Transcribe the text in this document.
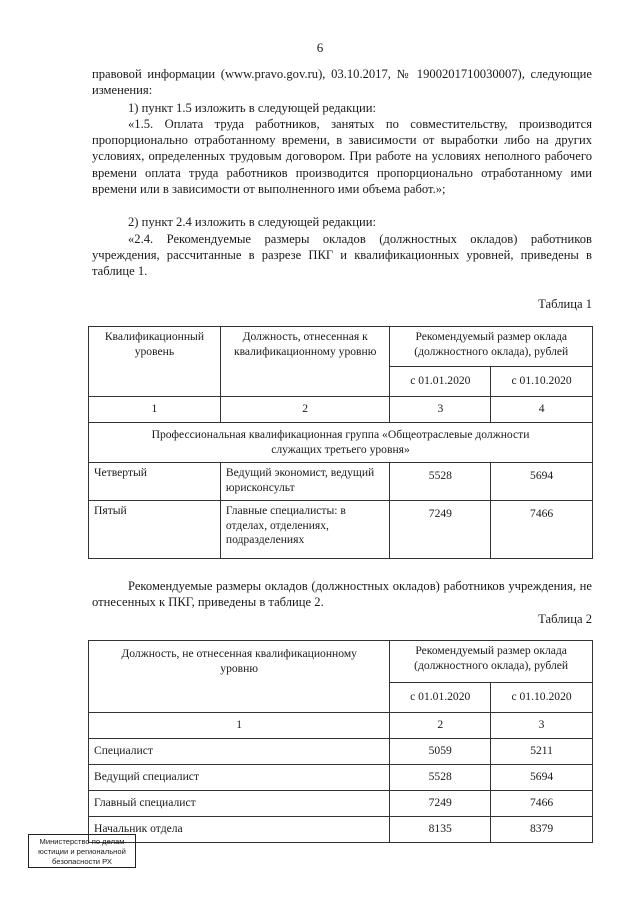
6
правовой информации (www.pravo.gov.ru), 03.10.2017, № 1900201710030007), следующие изменения:
1) пункт 1.5 изложить в следующей редакции:
«1.5. Оплата труда работников, занятых по совместительству, производится пропорционально отработанному времени, в зависимости от выработки либо на других условиях, определенных трудовым договором. При работе на условиях неполного рабочего времени оплата труда работников производится пропорционально отработанному ими времени или в зависимости от выполненного ими объема работ.»;
2) пункт 2.4 изложить в следующей редакции:
«2.4. Рекомендуемые размеры окладов (должностных окладов) работников учреждения, рассчитанные в разрезе ПКГ и квалификационных уровней, приведены в таблице 1.
Таблица 1
Квалификационный уровень	Должность, отнесенная к квалификационному уровню	Рекомендуемый размер оклада (должностного оклада), рублей	
		с 01.01.2020	с 01.10.2020
1	2	3	4
Профессиональная квалификационная группа «Общеотраслевые должности служащих третьего уровня»			
Четвертый	Ведущий экономист, ведущий юрисконсульт	5528	5694
Пятый	Главные специалисты: в отделах, отделениях, подразделениях	7249	7466
Рекомендуемые размеры окладов (должностных окладов) работников учреждения, не отнесенных к ПКГ, приведены в таблице 2.
Таблица 2
Должность, не отнесенная квалификационному уровню	Рекомендуемый размер оклада (должностного оклада), рублей	
	с 01.01.2020	с 01.10.2020
1	2	3
Специалист	5059	5211
Ведущий специалист	5528	5694
Главный специалист	7249	7466
Начальник отдела	8135	8379
Министерство по делам юстиции и региональной безопасности РХ
